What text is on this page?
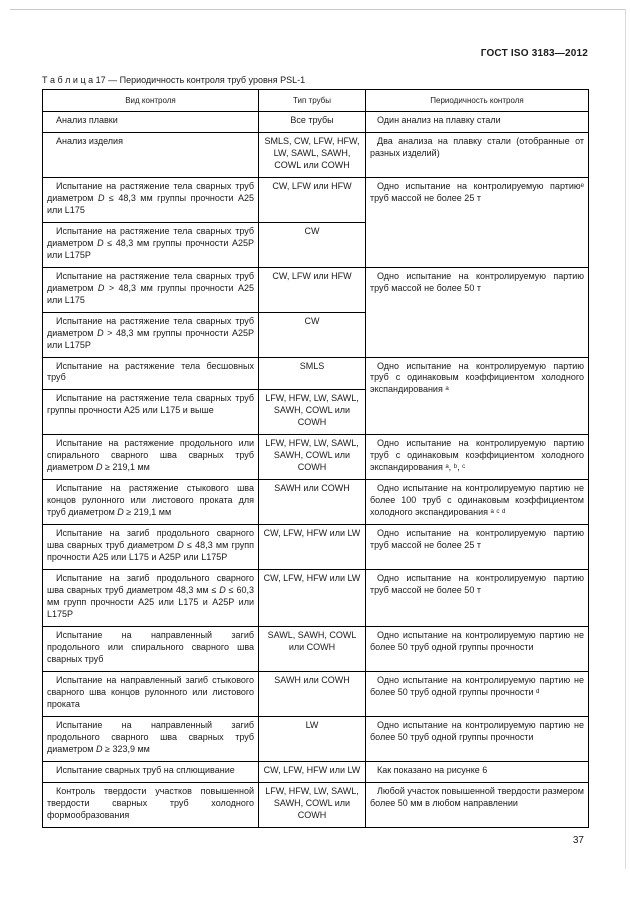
ГОСТ ISO 3183—2012
Т а б л и ц а 17 — Периодичность контроля труб уровня PSL-1
Вид контроля	Тип трубы	Периодичность контроля
Анализ плавки	Все трубы	Один анализ на плавку стали
Анализ изделия	SMLS, CW, LFW, HFW, LW, SAWL, SAWH, COWL или COWH	Два анализа на плавку стали (отобранные от разных изделий)
Испытание на растяжение тела сварных труб диаметром D ≤ 48,3 мм группы прочности А25 или L175	CW, LFW или HFW	Одно испытание на контролируемую партиюᵉ труб массой не более 25 т
Испытание на растяжение тела сварных труб диаметром D ≤ 48,3 мм группы прочности А25Р или L175Р	CW	
Испытание на растяжение тела сварных труб диаметром D > 48,3 мм группы прочности А25 или L175	CW, LFW или HFW	Одно испытание на контролируемую партию труб массой не более 50 т
Испытание на растяжение тела сварных труб диаметром D > 48,3 мм группы прочности А25Р или L175Р	CW	
Испытание на растяжение тела бесшовных труб	SMLS	Одно испытание на контролируемую партию труб с одинаковым коэффициентом холодного экспандирования ᵃ
Испытание на растяжение тела сварных труб группы прочности А25 или L175 и выше	LFW, HFW, LW, SAWL, SAWH, COWL или COWH	
Испытание на растяжение продольного или спирального сварного шва сварных труб диаметром D ≥ 219,1 мм	LFW, HFW, LW, SAWL, SAWH, COWL или COWH	Одно испытание на контролируемую партию труб с одинаковым коэффициентом холодного экспандирования ᵃ, ᵇ, ᶜ
Испытание на растяжение стыкового шва концов рулонного или листового проката для труб диаметром D ≥ 219,1 мм	SAWH или COWH	Одно испытание на контролируемую партию не более 100 труб с одинаковым коэффициентом холодного экспандирования ᵃ ᶜ ᵈ
Испытание на загиб продольного сварного шва сварных труб диаметром D ≤ 48,3 мм групп прочности А25 или L175 и А25Р или L175Р	CW, LFW, HFW или LW	Одно испытание на контролируемую партию труб массой не более 25 т
Испытание на загиб продольного сварного шва сварных труб диаметром 48,3 мм ≤ D ≤ 60,3 мм групп прочности А25 или L175 и А25Р или L175Р	CW, LFW, HFW или LW	Одно испытание на контролируемую партию труб массой не более 50 т
Испытание на направленный загиб продольного или спирального сварного шва сварных труб	SAWL, SAWH, COWL или COWH	Одно испытание на контролируемую партию не более 50 труб одной группы прочности
Испытание на направленный загиб стыкового сварного шва концов рулонного или листового проката	SAWH или COWH	Одно испытание на контролируемую партию не более 50 труб одной группы прочности ᵈ
Испытание на направленный загиб продольного сварного шва сварных труб диаметром D ≥ 323,9 мм	LW	Одно испытание на контролируемую партию не более 50 труб одной группы прочности
Испытание сварных труб на сплющивание	CW, LFW, HFW или LW	Как показано на рисунке 6
Контроль твердости участков повышенной твердости сварных труб холодного формообразования	LFW, HFW, LW, SAWL, SAWH, COWL или COWH	Любой участок повышенной твердости размером более 50 мм в любом направлении
37
